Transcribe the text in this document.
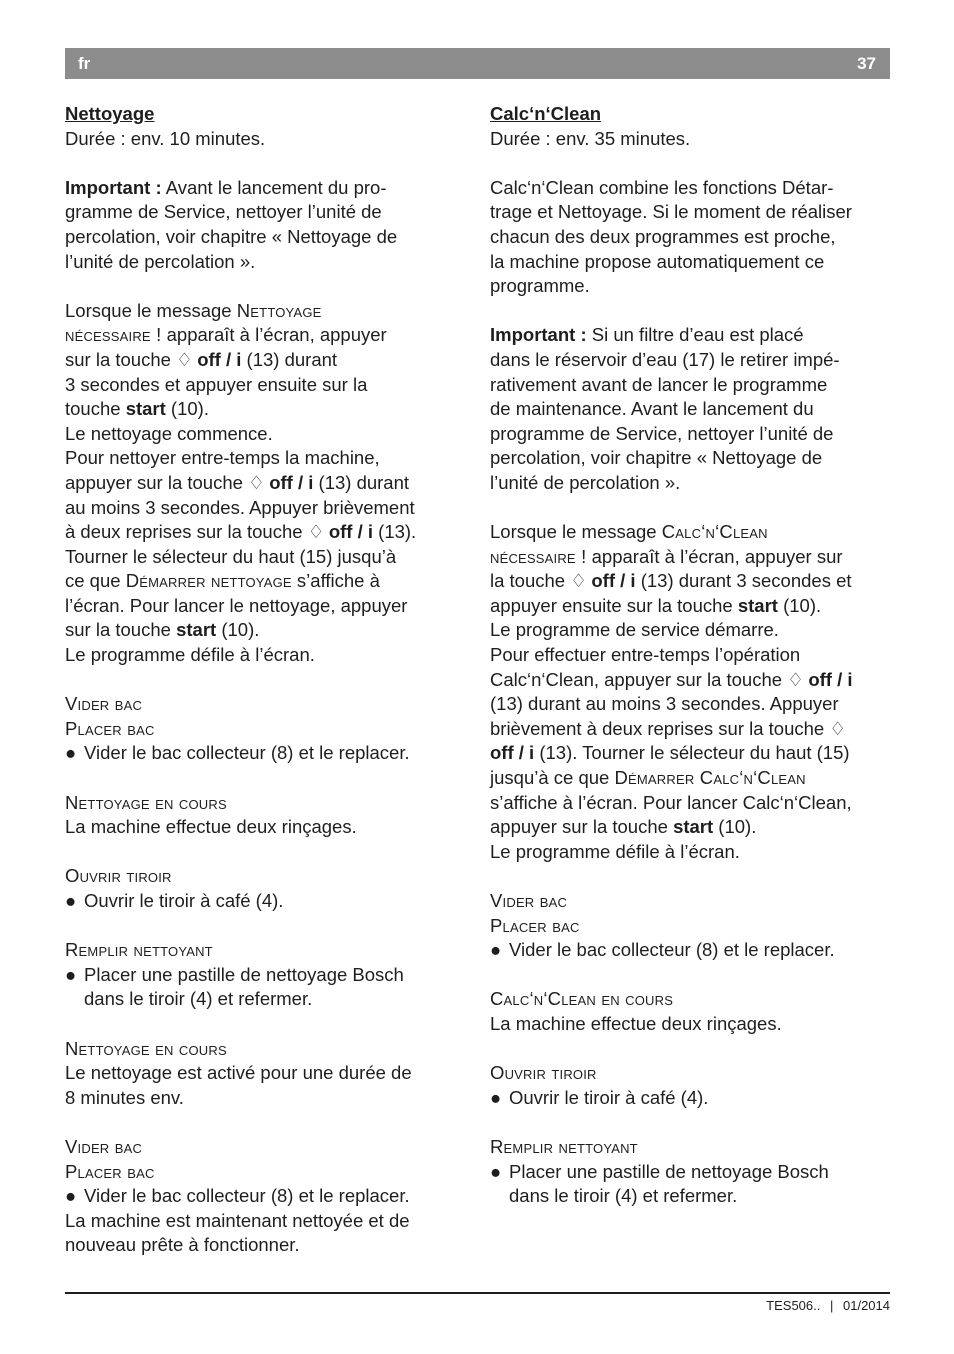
fr	37

Nettoyage

Durée : env. 10 minutes.

Important : Avant le lancement du pro-

gramme de Service, nettoyer l’unité de

percolation, voir chapitre « Nettoyage de

l’unité de percolation ».

Lorsque le message Nettoyage

nécessaire ! apparaît à l’écran, appuyer

sur la touche ♢ off / i (13) durant

3 secondes et appuyer ensuite sur la

touche start (10).

Le nettoyage commence.

Pour nettoyer entre-temps la machine,

appuyer sur la touche ♢ off / i (13) durant

au moins 3 secondes. Appuyer brièvement

à deux reprises sur la touche ♢ off / i (13).

Tourner le sélecteur du haut (15) jusqu’à

ce que Démarrer nettoyage s’affiche à

l’écran. Pour lancer le nettoyage, appuyer

sur la touche start (10).

Le programme défile à l’écran.

Vider bac

Placer bac

● Vider le bac collecteur (8) et le replacer.

Nettoyage en cours

La machine effectue deux rinçages.

Ouvrir tiroir

● Ouvrir le tiroir à café (4).

Remplir nettoyant

● Placer une pastille de nettoyage Bosch

dans le tiroir (4) et refermer.

Nettoyage en cours

Le nettoyage est activé pour une durée de

8 minutes env.

Vider bac

Placer bac

● Vider le bac collecteur (8) et le replacer.

La machine est maintenant nettoyée et de

nouveau prête à fonctionner.

Calc‘n‘Clean

Durée : env. 35 minutes.

Calc‘n‘Clean combine les fonctions Détar-

trage et Nettoyage. Si le moment de réaliser

chacun des deux programmes est proche,

la machine propose automatiquement ce

programme.

Important : Si un filtre d’eau est placé

dans le réservoir d’eau (17) le retirer impé-

rativement avant de lancer le programme

de maintenance. Avant le lancement du

programme de Service, nettoyer l’unité de

percolation, voir chapitre « Nettoyage de

l’unité de percolation ».

Lorsque le message Calc‘n‘Clean

nécessaire ! apparaît à l’écran, appuyer sur

la touche ♢ off / i (13) durant 3 secondes et

appuyer ensuite sur la touche start (10).

Le programme de service démarre.

Pour effectuer entre-temps l’opération

Calc‘n‘Clean, appuyer sur la touche ♢ off / i

(13) durant au moins 3 secondes. Appuyer

brièvement à deux reprises sur la touche ♢

off / i (13). Tourner le sélecteur du haut (15)

jusqu’à ce que Démarrer Calc‘n‘Clean

s’affiche à l’écran. Pour lancer Calc‘n‘Clean,

appuyer sur la touche start (10).

Le programme défile à l’écran.

Vider bac

Placer bac

● Vider le bac collecteur (8) et le replacer.

Calc‘n‘Clean en cours

La machine effectue deux rinçages.

Ouvrir tiroir

● Ouvrir le tiroir à café (4).

Remplir nettoyant

● Placer une pastille de nettoyage Bosch

dans le tiroir (4) et refermer.

TES506.. | 01/2014
